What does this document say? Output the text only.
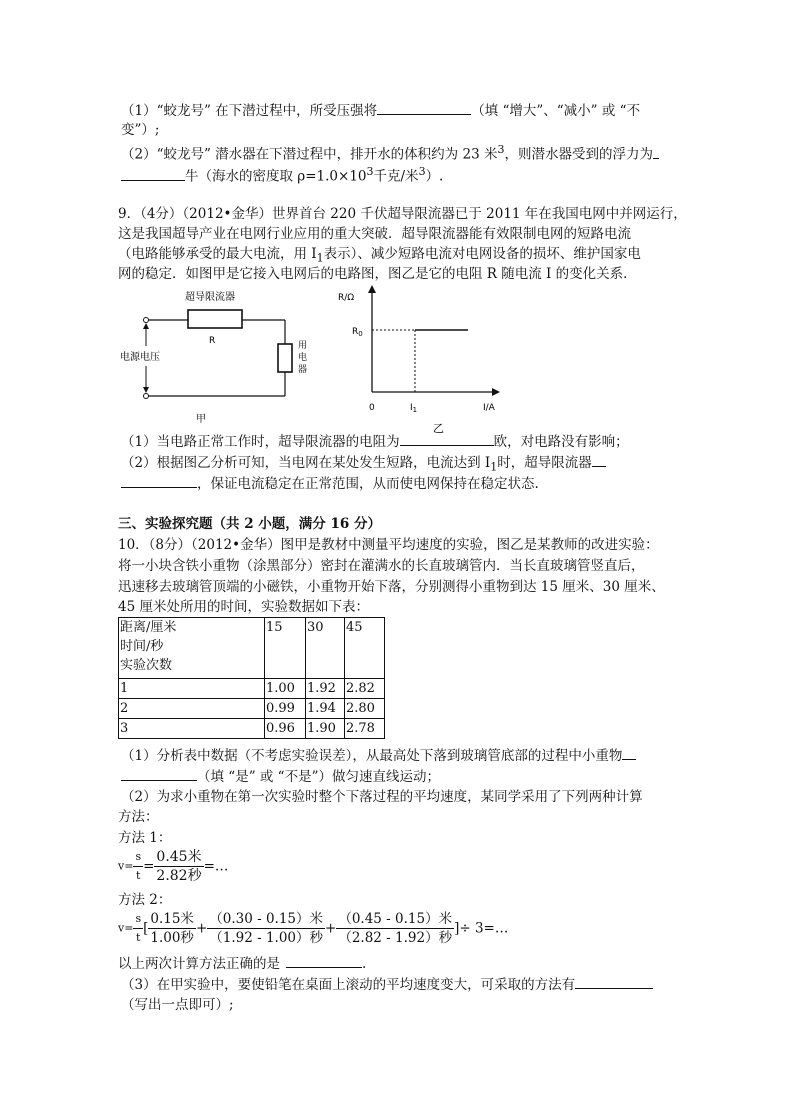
（1）“蛟龙号” 在下潜过程中，所受压强将	（填 “增大”、“减小” 或 “不
变”）;
（2）“蛟龙号” 潜水器在下潜过程中，排开水的体积约为 23 米$^3$，则潜水器受到的浮力为
牛（海水的密度取 $\rho=1.0\times 10^3$千克/米$^3$）.
9．（4分）（2012•金华）世界首台 220 千伏超导限流器已于 2011 年在我国电网中并网运行，
这是我国超导产业在电网行业应用的重大突破．超导限流器能有效限制电网的短路电流
（电路能够承受的最大电流，用 $I_1$表示）、减少短路电流对电网设备的损坏、维护国家电
网的稳定．如图甲是它接入电网后的电路图，图乙是它的电阻 R 随电流 I 的变化关系．
超导限流器
R	用
电
器
电源电压
甲
R/Ω
$R_0$
0	$I_1$	I/A
乙
（1）当电路正常工作时，超导限流器的电阻为	欧，对电路没有影响；
（2）根据图乙分析可知，当电网在某处发生短路，电流达到 $I_1$时，超导限流器
，保证电流稳定在正常范围，从而使电网保持在稳定状态.
三、实验探究题（共 2 小题，满分 16 分）
10．（8分）（2012•金华）图甲是教材中测量平均速度的实验，图乙是某教师的改进实验：
将一小块含铁小重物（涂黑部分）密封在灌满水的长直玻璃管内．当长直玻璃管竖直后，
迅速移去玻璃管顶端的小磁铁，小重物开始下落，分别测得小重物到达 15 厘米、30 厘米、
45 厘米处所用的时间，实验数据如下表：
距离/厘米
时间/秒
实验次数	15	30	45
1	1.00	1.92	2.82
2	0.99	1.94	2.80
3	0.96	1.90	2.78
（1）分析表中数据（不考虑实验误差），从最高处下落到玻璃管底部的过程中小重物
（填 “是” 或 “不是”）做匀速直线运动；
（2）为求小重物在第一次实验时整个下落过程的平均速度，某同学采用了下列两种计算
方法：
方法 1：
$v= \frac{s}{t} = \frac{\text{0.45米}}{\text{2.82秒}}$ =…
方法 2：
$v= \frac{s}{t}$ [ $\frac{\text{0.15米}}{\text{1.00秒}} + \frac{\text{（0.30 - 0.15）米}}{\text{（1.92 - 1.00）秒}} + \frac{\text{（0.45 - 0.15）米}}{\text{（2.82 - 1.92）秒}}$ ]÷ 3=…
以上两次计算方法正确的是	.
（3）在甲实验中，要使铅笔在桌面上滚动的平均速度变大，可采取的方法有
（写出一点即可）;
